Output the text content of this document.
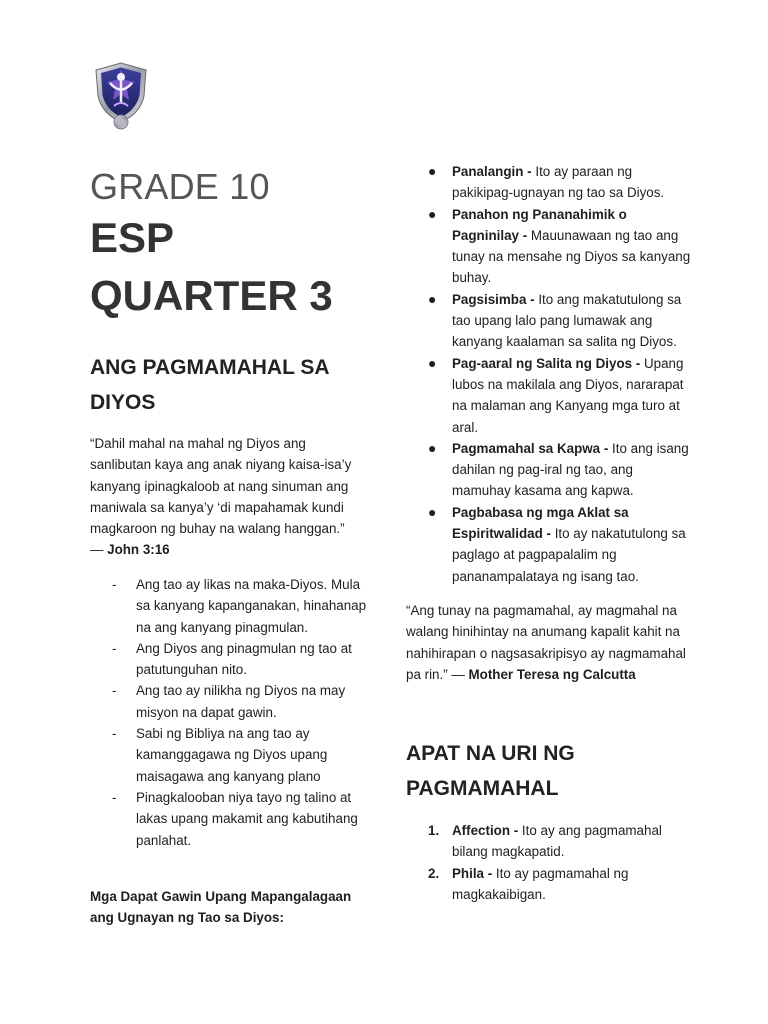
GRADE 10
ESP
QUARTER 3
ANG PAGMAMAHAL SA DIYOS
“Dahil mahal na mahal ng Diyos ang sanlibutan kaya ang anak niyang kaisa-isa’y kanyang ipinagkaloob at nang sinuman ang maniwala sa kanya’y ‘di mapahamak kundi magkaroon ng buhay na walang hanggan.”
— John 3:16
- Ang tao ay likas na maka-Diyos. Mula sa kanyang kapanganakan, hinahanap na ang kanyang pinagmulan.
- Ang Diyos ang pinagmulan ng tao at patutunguhan nito.
- Ang tao ay nilikha ng Diyos na may misyon na dapat gawin.
- Sabi ng Bibliya na ang tao ay kamanggagawa ng Diyos upang maisagawa ang kanyang plano
- Pinagkalooban niya tayo ng talino at lakas upang makamit ang kabutihang panlahat.
Mga Dapat Gawin Upang Mapangalagaan ang Ugnayan ng Tao sa Diyos:
● Panalangin - Ito ay paraan ng pakikipag-ugnayan ng tao sa Diyos.
● Panahon ng Pananahimik o Pagninilay - Mauunawaan ng tao ang tunay na mensahe ng Diyos sa kanyang buhay.
● Pagsisimba - Ito ang makatutulong sa tao upang lalo pang lumawak ang kanyang kaalaman sa salita ng Diyos.
● Pag-aaral ng Salita ng Diyos - Upang lubos na makilala ang Diyos, nararapat na malaman ang Kanyang mga turo at aral.
● Pagmamahal sa Kapwa - Ito ang isang dahilan ng pag-iral ng tao, ang mamuhay kasama ang kapwa.
● Pagbabasa ng mga Aklat sa Espiritwalidad - Ito ay nakatutulong sa paglago at pagpapalalim ng pananampalataya ng isang tao.
“Ang tunay na pagmamahal, ay magmahal na walang hinihintay na anumang kapalit kahit na nahihirapan o nagsasakripisyo ay nagmamahal pa rin.” — Mother Teresa ng Calcutta
APAT NA URI NG PAGMAMAHAL
1. Affection - Ito ay ang pagmamahal bilang magkapatid.
2. Phila - Ito ay pagmamahal ng magkakaibigan.
